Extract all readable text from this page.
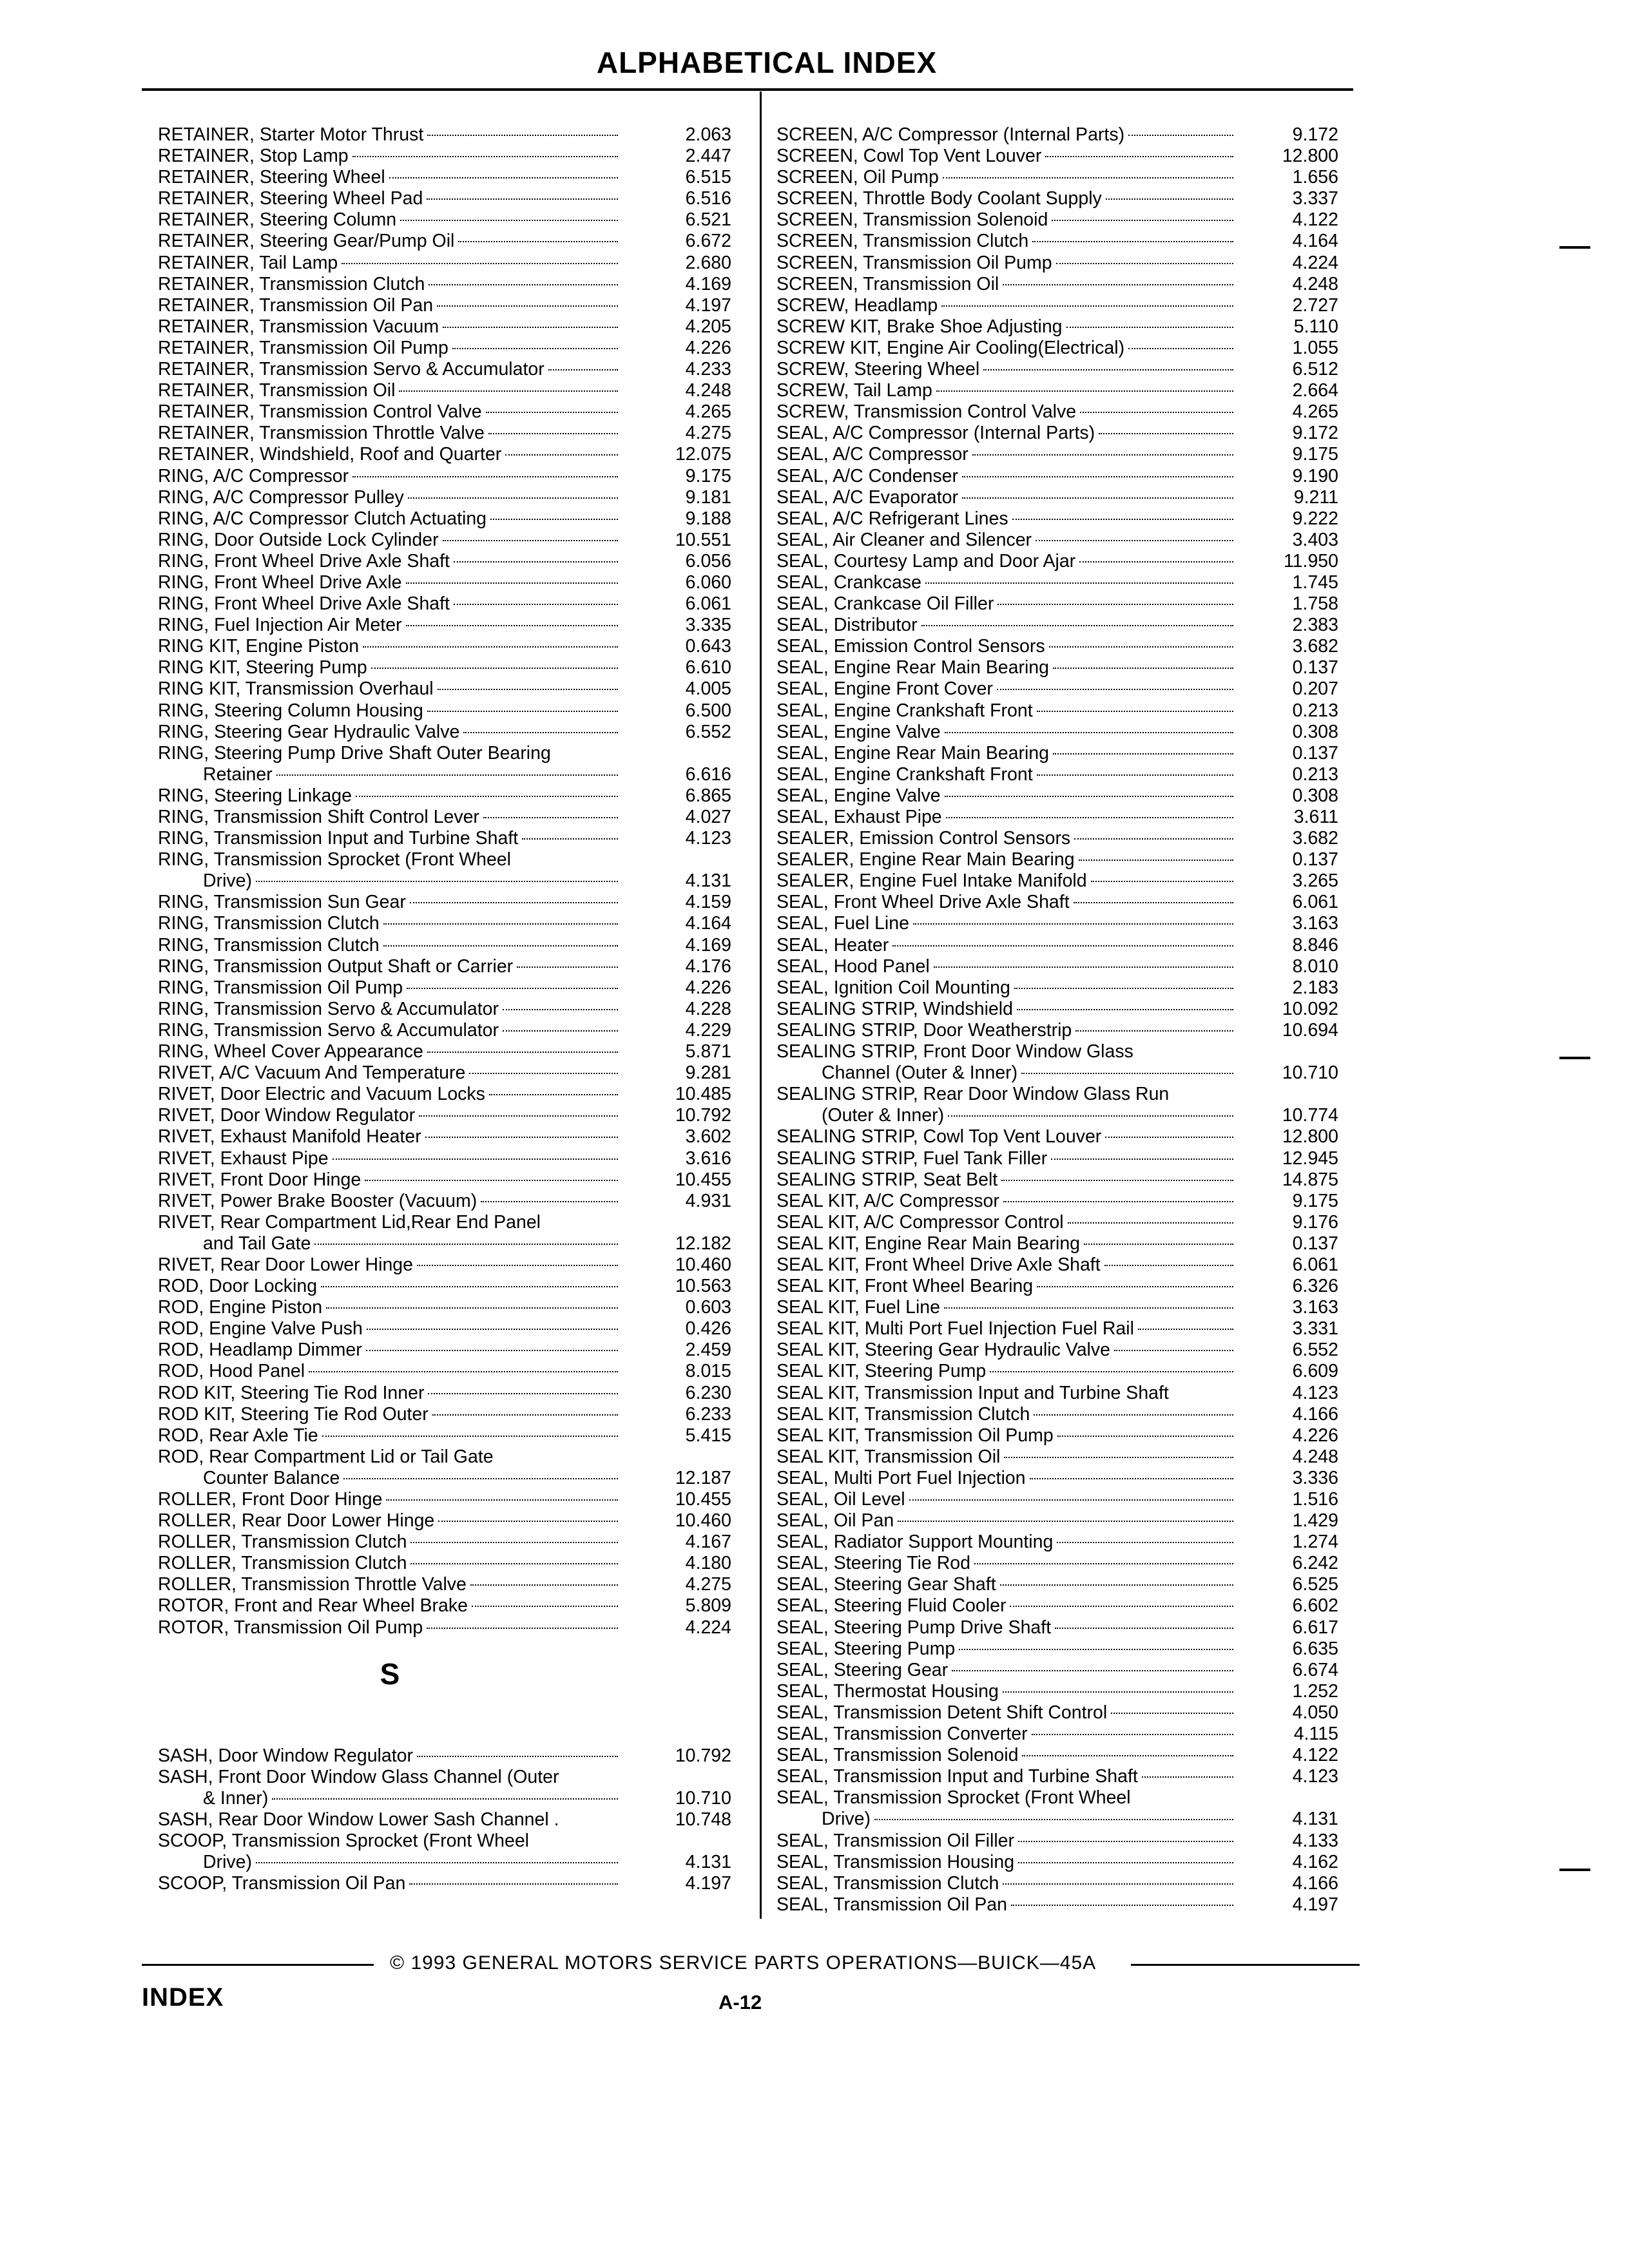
ALPHABETICAL INDEX
RETAINER, Starter Motor Thrust	2.063
RETAINER, Stop Lamp	2.447
RETAINER, Steering Wheel	6.515
RETAINER, Steering Wheel Pad	6.516
RETAINER, Steering Column	6.521
RETAINER, Steering Gear/Pump Oil	6.672
RETAINER, Tail Lamp	2.680
RETAINER, Transmission Clutch	4.169
RETAINER, Transmission Oil Pan	4.197
RETAINER, Transmission Vacuum	4.205
RETAINER, Transmission Oil Pump	4.226
RETAINER, Transmission Servo & Accumulator	4.233
RETAINER, Transmission Oil	4.248
RETAINER, Transmission Control Valve	4.265
RETAINER, Transmission Throttle Valve	4.275
RETAINER, Windshield, Roof and Quarter	12.075
RING, A/C Compressor	9.175
RING, A/C Compressor Pulley	9.181
RING, A/C Compressor Clutch Actuating	9.188
RING, Door Outside Lock Cylinder	10.551
RING, Front Wheel Drive Axle Shaft	6.056
RING, Front Wheel Drive Axle	6.060
RING, Front Wheel Drive Axle Shaft	6.061
RING, Fuel Injection Air Meter	3.335
RING KIT, Engine Piston	0.643
RING KIT, Steering Pump	6.610
RING KIT, Transmission Overhaul	4.005
RING, Steering Column Housing	6.500
RING, Steering Gear Hydraulic Valve	6.552
RING, Steering Pump Drive Shaft Outer Bearing
Retainer	6.616
RING, Steering Linkage	6.865
RING, Transmission Shift Control Lever	4.027
RING, Transmission Input and Turbine Shaft	4.123
RING, Transmission Sprocket (Front Wheel
Drive)	4.131
RING, Transmission Sun Gear	4.159
RING, Transmission Clutch	4.164
RING, Transmission Clutch	4.169
RING, Transmission Output Shaft or Carrier	4.176
RING, Transmission Oil Pump	4.226
RING, Transmission Servo & Accumulator	4.228
RING, Transmission Servo & Accumulator	4.229
RING, Wheel Cover Appearance	5.871
RIVET, A/C Vacuum And Temperature	9.281
RIVET, Door Electric and Vacuum Locks	10.485
RIVET, Door Window Regulator	10.792
RIVET, Exhaust Manifold Heater	3.602
RIVET, Exhaust Pipe	3.616
RIVET, Front Door Hinge	10.455
RIVET, Power Brake Booster (Vacuum)	4.931
RIVET, Rear Compartment Lid,Rear End Panel
and Tail Gate	12.182
RIVET, Rear Door Lower Hinge	10.460
ROD, Door Locking	10.563
ROD, Engine Piston	0.603
ROD, Engine Valve Push	0.426
ROD, Headlamp Dimmer	2.459
ROD, Hood Panel	8.015
ROD KIT, Steering Tie Rod Inner	6.230
ROD KIT, Steering Tie Rod Outer	6.233
ROD, Rear Axle Tie	5.415
ROD, Rear Compartment Lid or Tail Gate
Counter Balance	12.187
ROLLER, Front Door Hinge	10.455
ROLLER, Rear Door Lower Hinge	10.460
ROLLER, Transmission Clutch	4.167
ROLLER, Transmission Clutch	4.180
ROLLER, Transmission Throttle Valve	4.275
ROTOR, Front and Rear Wheel Brake	5.809
ROTOR, Transmission Oil Pump	4.224
S
SASH, Door Window Regulator	10.792
SASH, Front Door Window Glass Channel (Outer
& Inner)	10.710
SASH, Rear Door Window Lower Sash Channel .	10.748
SCOOP, Transmission Sprocket (Front Wheel
Drive)	4.131
SCOOP, Transmission Oil Pan	4.197
SCREEN, A/C Compressor (Internal Parts)	9.172
SCREEN, Cowl Top Vent Louver	12.800
SCREEN, Oil Pump	1.656
SCREEN, Throttle Body Coolant Supply	3.337
SCREEN, Transmission Solenoid	4.122
SCREEN, Transmission Clutch	4.164
SCREEN, Transmission Oil Pump	4.224
SCREEN, Transmission Oil	4.248
SCREW, Headlamp	2.727
SCREW KIT, Brake Shoe Adjusting	5.110
SCREW KIT, Engine Air Cooling(Electrical)	1.055
SCREW, Steering Wheel	6.512
SCREW, Tail Lamp	2.664
SCREW, Transmission Control Valve	4.265
SEAL, A/C Compressor (Internal Parts)	9.172
SEAL, A/C Compressor	9.175
SEAL, A/C Condenser	9.190
SEAL, A/C Evaporator	9.211
SEAL, A/C Refrigerant Lines	9.222
SEAL, Air Cleaner and Silencer	3.403
SEAL, Courtesy Lamp and Door Ajar	11.950
SEAL, Crankcase	1.745
SEAL, Crankcase Oil Filler	1.758
SEAL, Distributor	2.383
SEAL, Emission Control Sensors	3.682
SEAL, Engine Rear Main Bearing	0.137
SEAL, Engine Front Cover	0.207
SEAL, Engine Crankshaft Front	0.213
SEAL, Engine Valve	0.308
SEAL, Engine Rear Main Bearing	0.137
SEAL, Engine Crankshaft Front	0.213
SEAL, Engine Valve	0.308
SEAL, Exhaust Pipe	3.611
SEALER, Emission Control Sensors	3.682
SEALER, Engine Rear Main Bearing	0.137
SEALER, Engine Fuel Intake Manifold	3.265
SEAL, Front Wheel Drive Axle Shaft	6.061
SEAL, Fuel Line	3.163
SEAL, Heater	8.846
SEAL, Hood Panel	8.010
SEAL, Ignition Coil Mounting	2.183
SEALING STRIP, Windshield	10.092
SEALING STRIP, Door Weatherstrip	10.694
SEALING STRIP, Front Door Window Glass
Channel (Outer & Inner)	10.710
SEALING STRIP, Rear Door Window Glass Run
(Outer & Inner)	10.774
SEALING STRIP, Cowl Top Vent Louver	12.800
SEALING STRIP, Fuel Tank Filler	12.945
SEALING STRIP, Seat Belt	14.875
SEAL KIT, A/C Compressor	9.175
SEAL KIT, A/C Compressor Control	9.176
SEAL KIT, Engine Rear Main Bearing	0.137
SEAL KIT, Front Wheel Drive Axle Shaft	6.061
SEAL KIT, Front Wheel Bearing	6.326
SEAL KIT, Fuel Line	3.163
SEAL KIT, Multi Port Fuel Injection Fuel Rail	3.331
SEAL KIT, Steering Gear Hydraulic Valve	6.552
SEAL KIT, Steering Pump	6.609
SEAL KIT, Transmission Input and Turbine Shaft	4.123
SEAL KIT, Transmission Clutch	4.166
SEAL KIT, Transmission Oil Pump	4.226
SEAL KIT, Transmission Oil	4.248
SEAL, Multi Port Fuel Injection	3.336
SEAL, Oil Level	1.516
SEAL, Oil Pan	1.429
SEAL, Radiator Support Mounting	1.274
SEAL, Steering Tie Rod	6.242
SEAL, Steering Gear Shaft	6.525
SEAL, Steering Fluid Cooler	6.602
SEAL, Steering Pump Drive Shaft	6.617
SEAL, Steering Pump	6.635
SEAL, Steering Gear	6.674
SEAL, Thermostat Housing	1.252
SEAL, Transmission Detent Shift Control	4.050
SEAL, Transmission Converter	4.115
SEAL, Transmission Solenoid	4.122
SEAL, Transmission Input and Turbine Shaft	4.123
SEAL, Transmission Sprocket (Front Wheel
Drive)	4.131
SEAL, Transmission Oil Filler	4.133
SEAL, Transmission Housing	4.162
SEAL, Transmission Clutch	4.166
SEAL, Transmission Oil Pan	4.197
© 1993 GENERAL MOTORS SERVICE PARTS OPERATIONS—BUICK—45A
INDEX	A-12
